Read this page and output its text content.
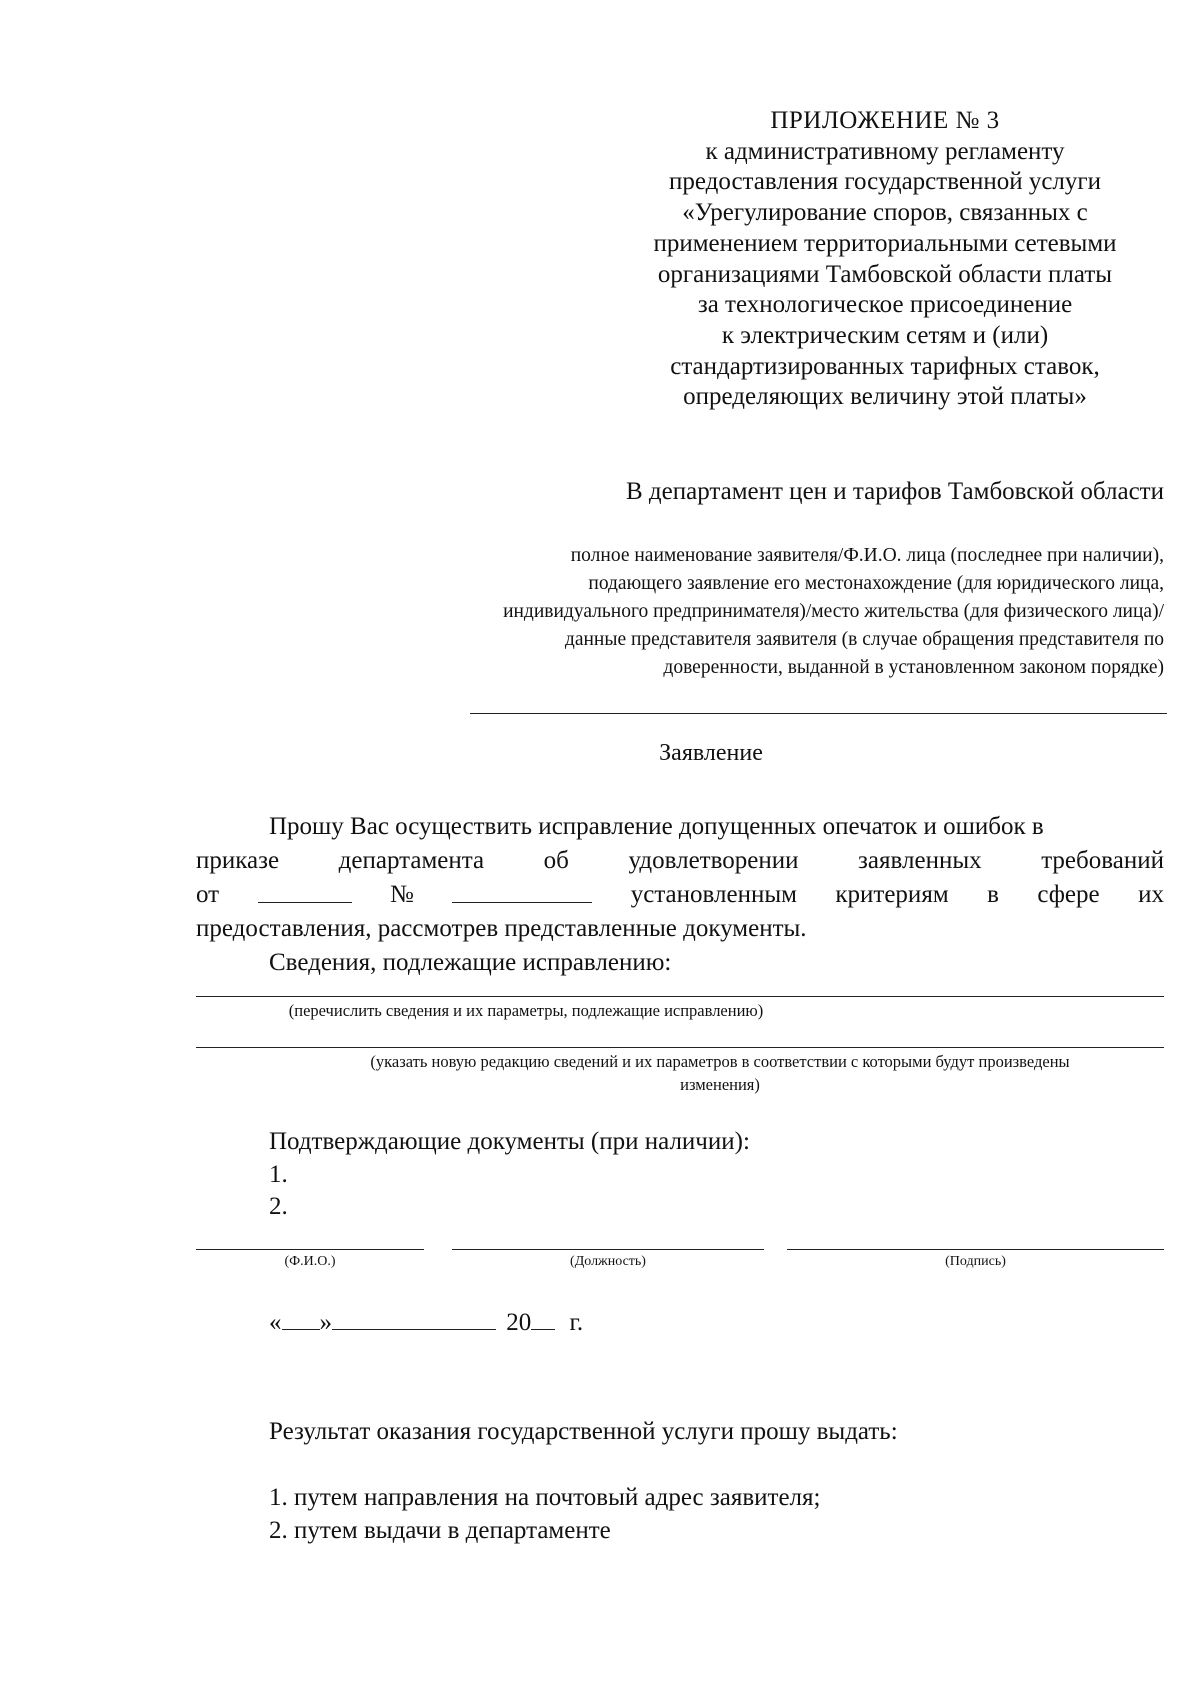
ПРИЛОЖЕНИЕ № 3
к административному регламенту
предоставления государственной услуги
«Урегулирование споров, связанных с
применением территориальными сетевыми
организациями Тамбовской области платы
за технологическое присоединение
к электрическим сетям и (или)
стандартизированных тарифных ставок,
определяющих величину этой платы»
В департамент цен и тарифов Тамбовской области
полное наименование заявителя/Ф.И.О. лица (последнее при наличии),
подающего заявление его местонахождение (для юридического лица,
индивидуального предпринимателя)/место жительства (для физического лица)/
данные представителя заявителя (в случае обращения представителя по
доверенности, выданной в установленном законом порядке)
Заявление
Прошу Вас осуществить исправление допущенных опечаток и ошибок в
приказе департамента об удовлетворении заявленных требований
от	№	установленным критериям в сфере их
предоставления, рассмотрев представленные документы.
Сведения, подлежащие исправлению:
(перечислить сведения и их параметры, подлежащие исправлению)
(указать новую редакцию сведений и их параметров в соответствии с которыми будут произведены
изменения)
Подтверждающие документы (при наличии):
1.
2.
(Ф.И.О.)	(Должность)	(Подпись)
« »	20 г.
Результат оказания государственной услуги прошу выдать:
1. путем направления на почтовый адрес заявителя;
2. путем выдачи в департаменте
